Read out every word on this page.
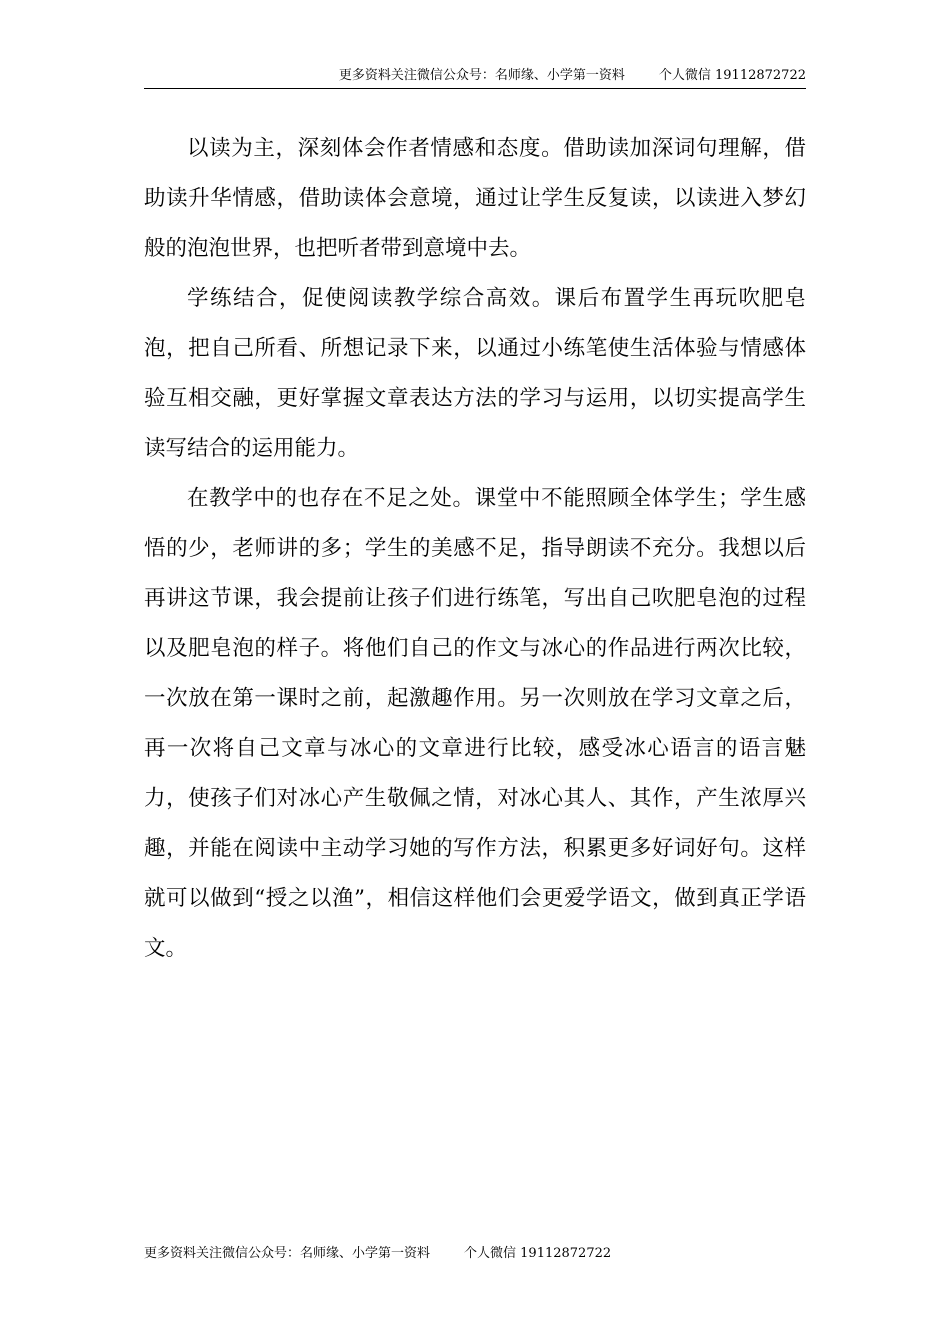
更多资料关注微信公众号：名师缘、小学第一资料	个人微信 19112872722

以读为主，深刻体会作者情感和态度。借助读加深词句理解，借助读升华情感，借助读体会意境，通过让学生反复读，以读进入梦幻般的泡泡世界，也把听者带到意境中去。

学练结合，促使阅读教学综合高效。课后布置学生再玩吹肥皂泡，把自己所看、所想记录下来，以通过小练笔使生活体验与情感体验互相交融，更好掌握文章表达方法的学习与运用，以切实提高学生读写结合的运用能力。

在教学中的也存在不足之处。课堂中不能照顾全体学生；学生感悟的少，老师讲的多；学生的美感不足，指导朗读不充分。我想以后再讲这节课，我会提前让孩子们进行练笔，写出自己吹肥皂泡的过程以及肥皂泡的样子。将他们自己的作文与冰心的作品进行两次比较，一次放在第一课时之前，起激趣作用。另一次则放在学习文章之后，再一次将自己文章与冰心的文章进行比较，感受冰心语言的语言魅力，使孩子们对冰心产生敬佩之情，对冰心其人、其作，产生浓厚兴趣，并能在阅读中主动学习她的写作方法，积累更多好词好句。这样就可以做到“授之以渔”，相信这样他们会更爱学语文，做到真正学语文。

更多资料关注微信公众号：名师缘、小学第一资料	个人微信 19112872722
